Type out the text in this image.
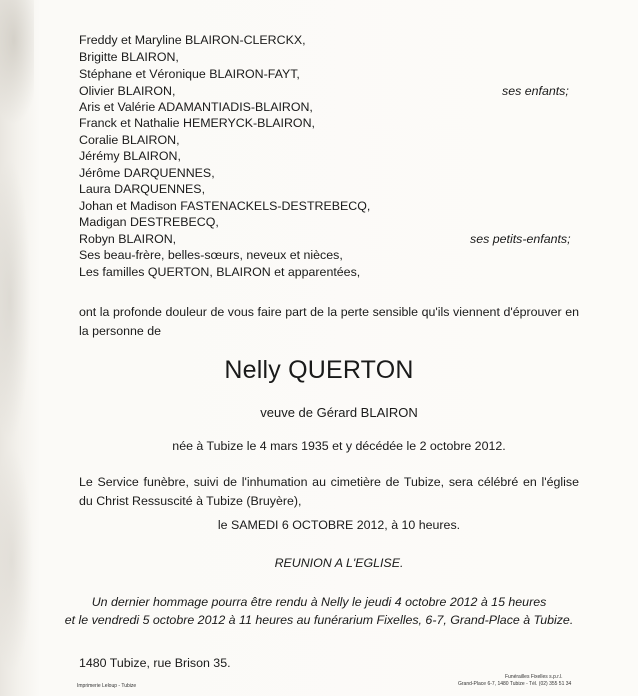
Freddy et Maryline BLAIRON-CLERCKX,
Brigitte BLAIRON,
Stéphane et Véronique BLAIRON-FAYT,
Olivier BLAIRON,
Aris et Valérie ADAMANTIADIS-BLAIRON,
Franck et Nathalie HEMERYCK-BLAIRON,
Coralie BLAIRON,
Jérémy BLAIRON,
Jérôme DARQUENNES,
Laura DARQUENNES,
Johan et Madison FASTENACKELS-DESTREBECQ,
Madigan DESTREBECQ,
Robyn BLAIRON,
Ses beau-frère, belles-sœurs, neveux et nièces,
Les familles QUERTON, BLAIRON et apparentées,
ses enfants;
ses petits-enfants;
ont la profonde douleur de vous faire part de la perte sensible qu'ils viennent d'éprouver en la personne de
Nelly QUERTON
veuve de Gérard BLAIRON
née à Tubize le 4 mars 1935 et y décédée le 2 octobre 2012.
Le Service funèbre, suivi de l'inhumation au cimetière de Tubize, sera célébré en l'église du Christ Ressuscité à Tubize (Bruyère),
le SAMEDI 6 OCTOBRE 2012, à 10 heures.
REUNION A L'EGLISE.
Un dernier hommage pourra être rendu à Nelly le jeudi 4 octobre 2012 à 15 heures
et le vendredi 5 octobre 2012 à 11 heures au funérarium Fixelles, 6-7, Grand-Place à Tubize.
1480 Tubize, rue Brison 35.
Imprimerie Leloup - Tubize
Funérailles Fixelles s.p.r.l.
Grand-Place 6-7, 1480 Tubize - Tél. (02) 355 51 34
